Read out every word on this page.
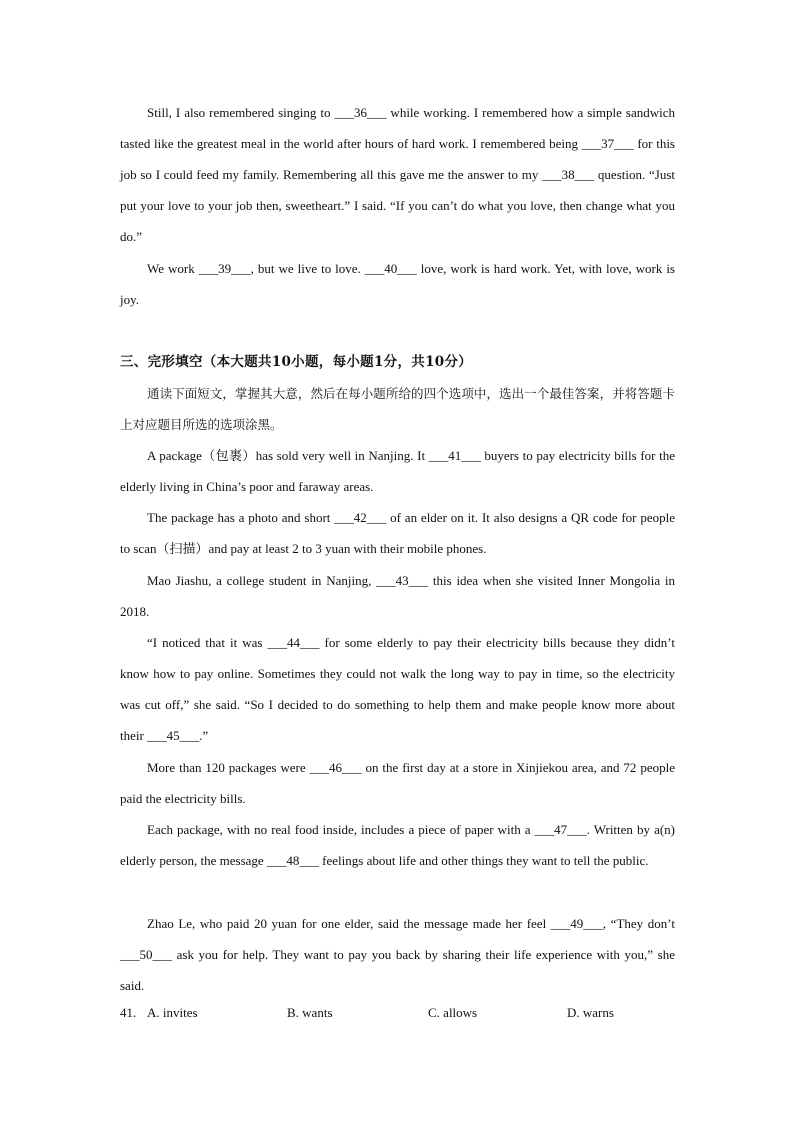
Still, I also remembered singing to ___36___ while working. I remembered how a simple sandwich tasted like the greatest meal in the world after hours of hard work. I remembered being ___37___ for this job so I could feed my family. Remembering all this gave me the answer to my ___38___ question. “Just put your love to your job then, sweetheart.” I said. “If you can’t do what you love, then change what you do.”
We work ___39___, but we live to love. ___40___ love, work is hard work. Yet, with love, work is joy.
三、完形填空（本大题共10小题，每小题1分，共10分）
通读下面短文，掌握其大意，然后在每小题所给的四个选项中，选出一个最佳答案，并将答题卡上对应题目所选的选项涂黑。
A package（包裹）has sold very well in Nanjing. It ___41___ buyers to pay electricity bills for the elderly living in China’s poor and faraway areas.
The package has a photo and short ___42___ of an elder on it. It also designs a QR code for people to scan（扫描）and pay at least 2 to 3 yuan with their mobile phones.
Mao Jiashu, a college student in Nanjing, ___43___ this idea when she visited Inner Mongolia in 2018.
“I noticed that it was ___44___ for some elderly to pay their electricity bills because they didn’t know how to pay online. Sometimes they could not walk the long way to pay in time, so the electricity was cut off,” she said. “So I decided to do something to help them and make people know more about their ___45___.”
More than 120 packages were ___46___ on the first day at a store in Xinjiekou area, and 72 people paid the electricity bills.
Each package, with no real food inside, includes a piece of paper with a ___47___. Written by a(n) elderly person, the message ___48___ feelings about life and other things they want to tell the public.
Zhao Le, who paid 20 yuan for one elder, said the message made her feel ___49___, “They don’t ___50___ ask you for help. They want to pay you back by sharing their life experience with you,” she said.
41. A. invites	B. wants	C. allows	D. warns
